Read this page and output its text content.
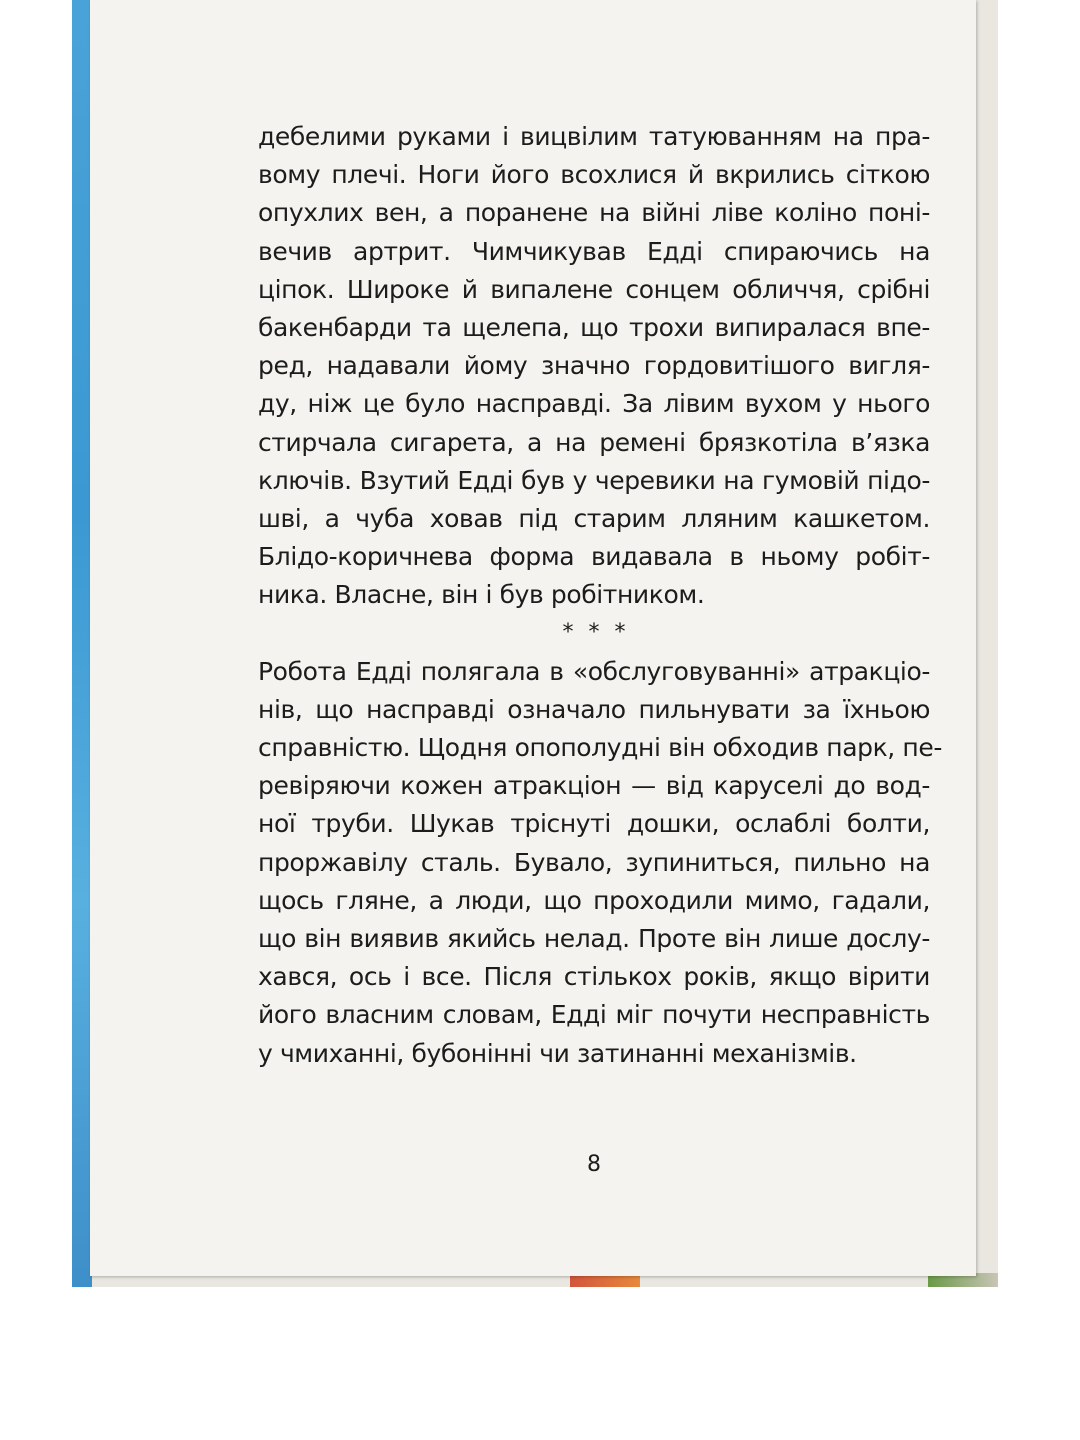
дебелими руками і вицвілим татуюванням на пра-
вому плечі. Ноги його всохлися й вкрились сіткою
опухлих вен, а поранене на війні ліве коліно поні-
вечив артрит. Чимчикував Едді спираючись на
ціпок. Широке й випалене сонцем обличчя, срібні
бакенбарди та щелепа, що трохи випиралася впе-
ред, надавали йому значно гордовитішого вигля-
ду, ніж це було насправді. За лівим вухом у нього
стирчала сигарета, а на ремені брязкотіла в’язка
ключів. Взутий Едді був у черевики на гумовій підо-
шві, а чуба ховав під старим лляним кашкетом.
Блідо-коричнева форма видавала в ньому робіт-
ника. Власне, він і був робітником.
* * *
Робота Едді полягала в «обслуговуванні» атракціо-
нів, що насправді означало пильнувати за їхньою
справністю. Щодня опополудні він обходив парк, пе-
ревіряючи кожен атракціон — від каруселі до вод-
ної труби. Шукав тріснуті дошки, ослаблі болти,
проржавілу сталь. Бувало, зупиниться, пильно на
щось гляне, а люди, що проходили мимо, гадали,
що він виявив якийсь нелад. Проте він лише дослу-
хався, ось і все. Після стількох років, якщо вірити
його власним словам, Едді міг почути несправність
у чмиханні, бубонінні чи затинанні механізмів.
8
